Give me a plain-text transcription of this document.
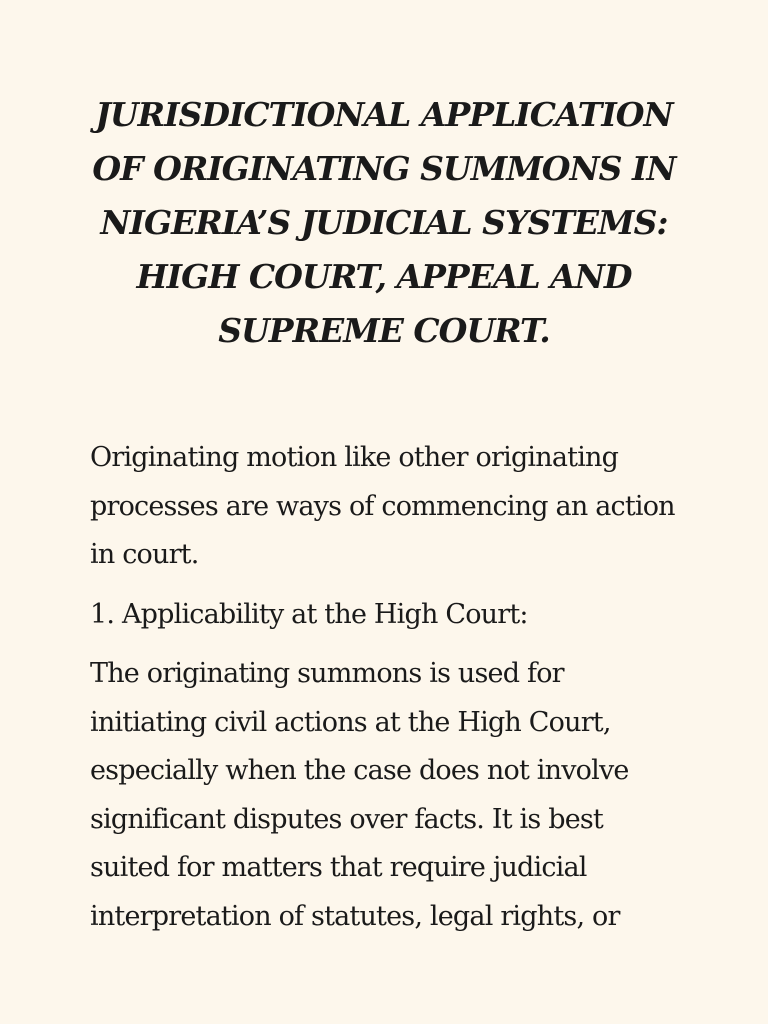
JURISDICTIONAL APPLICATION OF ORIGINATING SUMMONS IN NIGERIA’S JUDICIAL SYSTEMS: HIGH COURT, APPEAL AND SUPREME COURT.

Originating motion like other originating processes are ways of commencing an action in court.

1. Applicability at the High Court:

The originating summons is used for initiating civil actions at the High Court, especially when the case does not involve significant disputes over facts. It is best suited for matters that require judicial interpretation of statutes, legal rights, or
